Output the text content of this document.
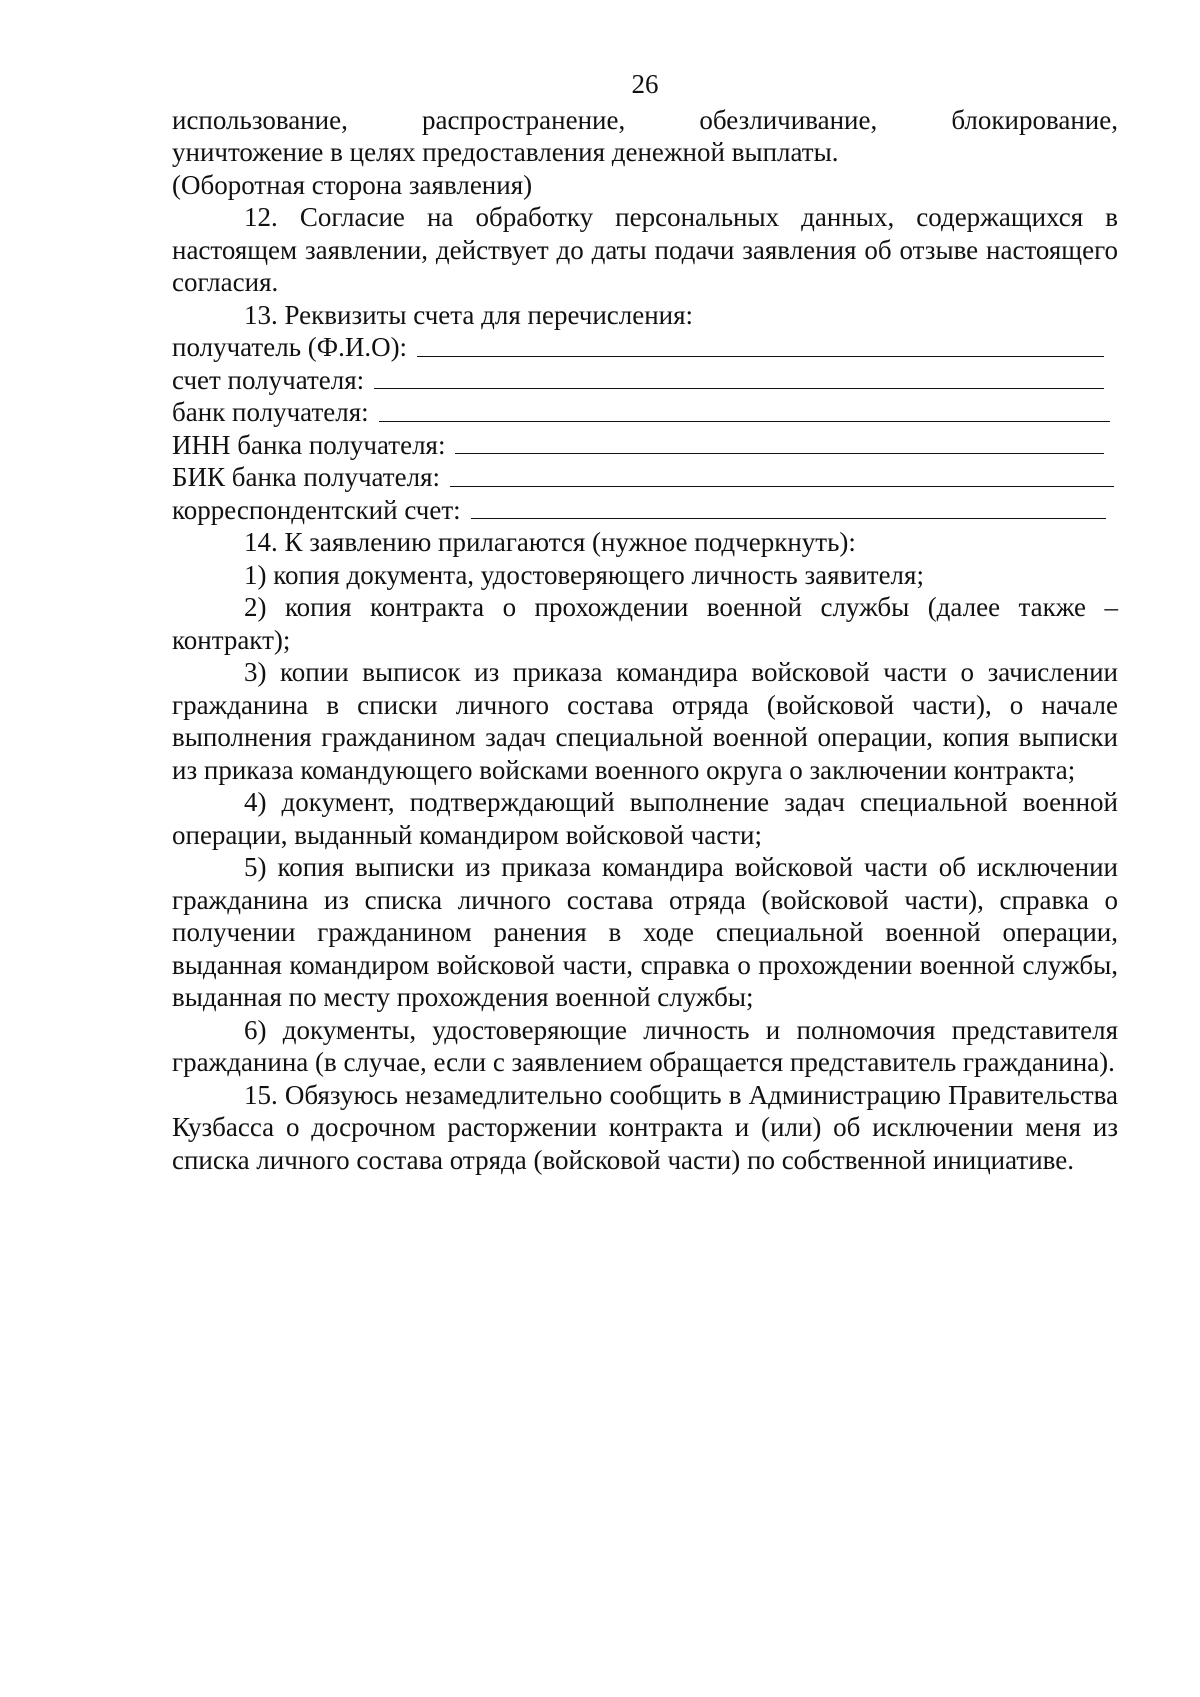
26
использование,	распространение,	обезличивание,	блокирование,

уничтожение в целях предоставления денежной выплаты.

(Оборотная сторона заявления)

12. Согласие на обработку персональных данных, содержащихся в настоящем заявлении, действует до даты подачи заявления об отзыве настоящего согласия.

13. Реквизиты счета для перечисления:

получатель (Ф.И.О):
счет получателя:
банк получателя:
ИНН банка получателя:
БИК банка получателя:
корреспондентский счет:

14. К заявлению прилагаются (нужное подчеркнуть):

1) копия документа, удостоверяющего личность заявителя;

2) копия контракта о прохождении военной службы (далее также – контракт);

3) копии выписок из приказа командира войсковой части о зачислении гражданина в списки личного состава отряда (войсковой части), о начале выполнения гражданином задач специальной военной операции, копия выписки из приказа командующего войсками военного округа о заключении контракта;

4) документ, подтверждающий выполнение задач специальной военной операции, выданный командиром войсковой части;

5) копия выписки из приказа командира войсковой части об исключении гражданина из списка личного состава отряда (войсковой части), справка о получении гражданином ранения в ходе специальной военной операции, выданная командиром войсковой части, справка о прохождении военной службы, выданная по месту прохождения военной службы;

6) документы, удостоверяющие личность и полномочия представителя гражданина (в случае, если с заявлением обращается представитель гражданина).

15. Обязуюсь незамедлительно сообщить в Администрацию Правительства Кузбасса о досрочном расторжении контракта и (или) об исключении меня из списка личного состава отряда (войсковой части) по собственной инициативе.
